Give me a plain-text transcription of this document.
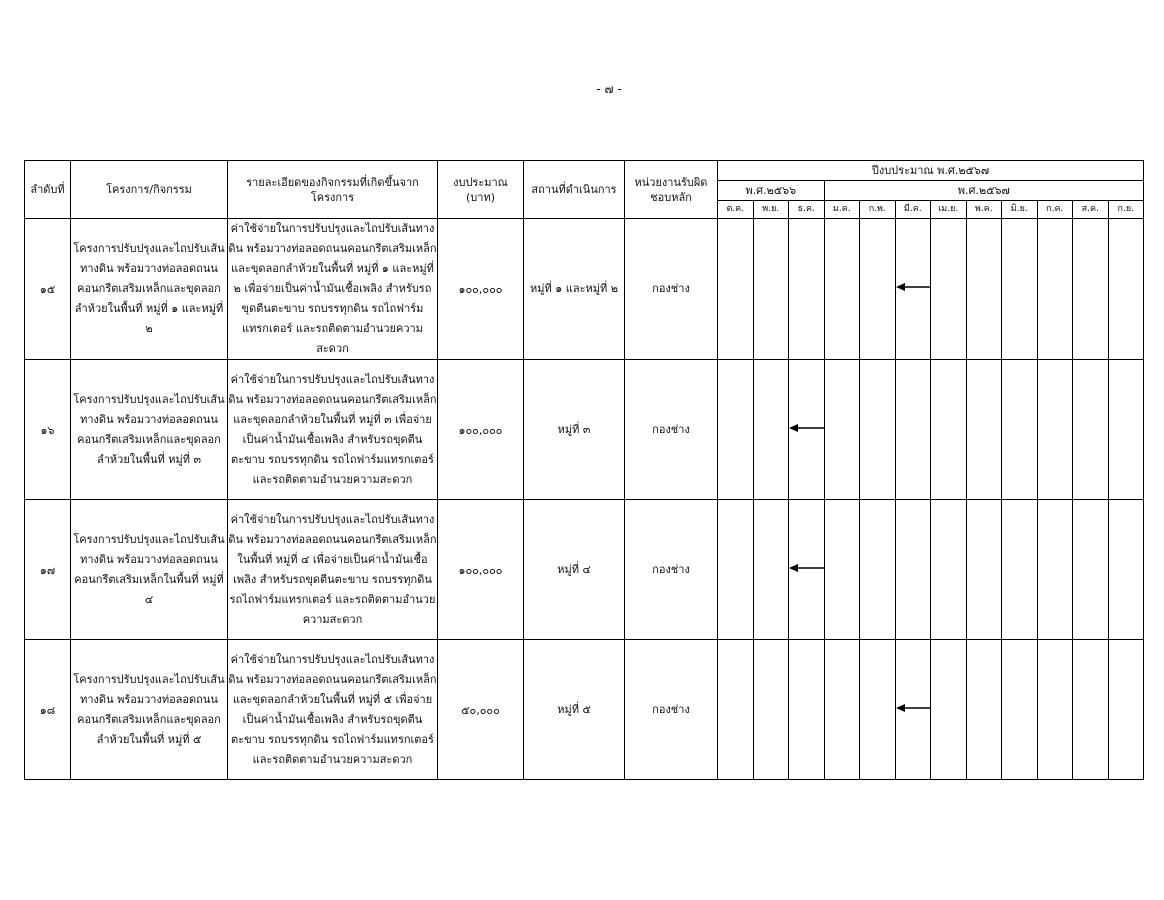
- ๗ -
ลำดับที่	โครงการ/กิจกรรม	รายละเอียดของกิจกรรมที่เกิดขึ้นจากโครงการ	งบประมาณ (บาท)	สถานที่ดำเนินการ	หน่วยงานรับผิดชอบหลัก	ปีงบประมาณ พ.ศ.๒๕๖๗											
						พ.ศ.๒๕๖๖			พ.ศ.๒๕๖๗								
						ต.ค.	พ.ย.	ธ.ค.	ม.ค.	ก.พ.	มี.ค.	เม.ย.	พ.ค.	มิ.ย.	ก.ค.	ส.ค.	ก.ย.
๑๕	โครงการปรับปรุงและไถปรับเส้นทางดิน พร้อมวางท่อลอดถนนคอนกรีตเสริมเหล็กและขุดลอกลำห้วยในพื้นที่ หมู่ที่ ๑ และหมู่ที่ ๒	ค่าใช้จ่ายในการปรับปรุงและไถปรับเส้นทางดิน พร้อมวางท่อลอดถนนคอนกรีตเสริมเหล็กและขุดลอกลำห้วยในพื้นที่ หมู่ที่ ๑ และหมู่ที่ ๒ เพื่อจ่ายเป็นค่าน้ำมันเชื้อเพลิง สำหรับรถขุดตีนตะขาบ รถบรรทุกดิน รถไถฟาร์มแทรกเตอร์ และรถติดตามอำนวยความสะดวก	๑๐๐,๐๐๐	หมู่ที่ ๑ และหมู่ที่ ๒	กองช่าง						

๑๖	โครงการปรับปรุงและไถปรับเส้นทางดิน พร้อมวางท่อลอดถนนคอนกรีตเสริมเหล็กและขุดลอกลำห้วยในพื้นที่ หมู่ที่ ๓	ค่าใช้จ่ายในการปรับปรุงและไถปรับเส้นทางดิน พร้อมวางท่อลอดถนนคอนกรีตเสริมเหล็กและขุดลอกลำห้วยในพื้นที่ หมู่ที่ ๓ เพื่อจ่ายเป็นค่าน้ำมันเชื้อเพลิง สำหรับรถขุดตีนตะขาบ รถบรรทุกดิน รถไถฟาร์มแทรกเตอร์ และรถติดตามอำนวยความสะดวก	๑๐๐,๐๐๐	หมู่ที่ ๓	กองช่าง			

๑๗	โครงการปรับปรุงและไถปรับเส้นทางดิน พร้อมวางท่อลอดถนนคอนกรีตเสริมเหล็กในพื้นที่ หมู่ที่ ๔	ค่าใช้จ่ายในการปรับปรุงและไถปรับเส้นทางดิน พร้อมวางท่อลอดถนนคอนกรีตเสริมเหล็ก ในพื้นที่ หมู่ที่ ๔ เพื่อจ่ายเป็นค่าน้ำมันเชื้อเพลิง สำหรับรถขุดตีนตะขาบ รถบรรทุกดิน รถไถฟาร์มแทรกเตอร์ และรถติดตามอำนวยความสะดวก	๑๐๐,๐๐๐	หมู่ที่ ๔	กองช่าง			

๑๘	โครงการปรับปรุงและไถปรับเส้นทางดิน พร้อมวางท่อลอดถนนคอนกรีตเสริมเหล็กและขุดลอกลำห้วยในพื้นที่ หมู่ที่ ๕	ค่าใช้จ่ายในการปรับปรุงและไถปรับเส้นทางดิน พร้อมวางท่อลอดถนนคอนกรีตเสริมเหล็กและขุดลอกลำห้วยในพื้นที่ หมู่ที่ ๕ เพื่อจ่ายเป็นค่าน้ำมันเชื้อเพลิง สำหรับรถขุดตีนตะขาบ รถบรรทุกดิน รถไถฟาร์มแทรกเตอร์ และรถติดตามอำนวยความสะดวก	๕๐,๐๐๐	หมู่ที่ ๕	กองช่าง						
